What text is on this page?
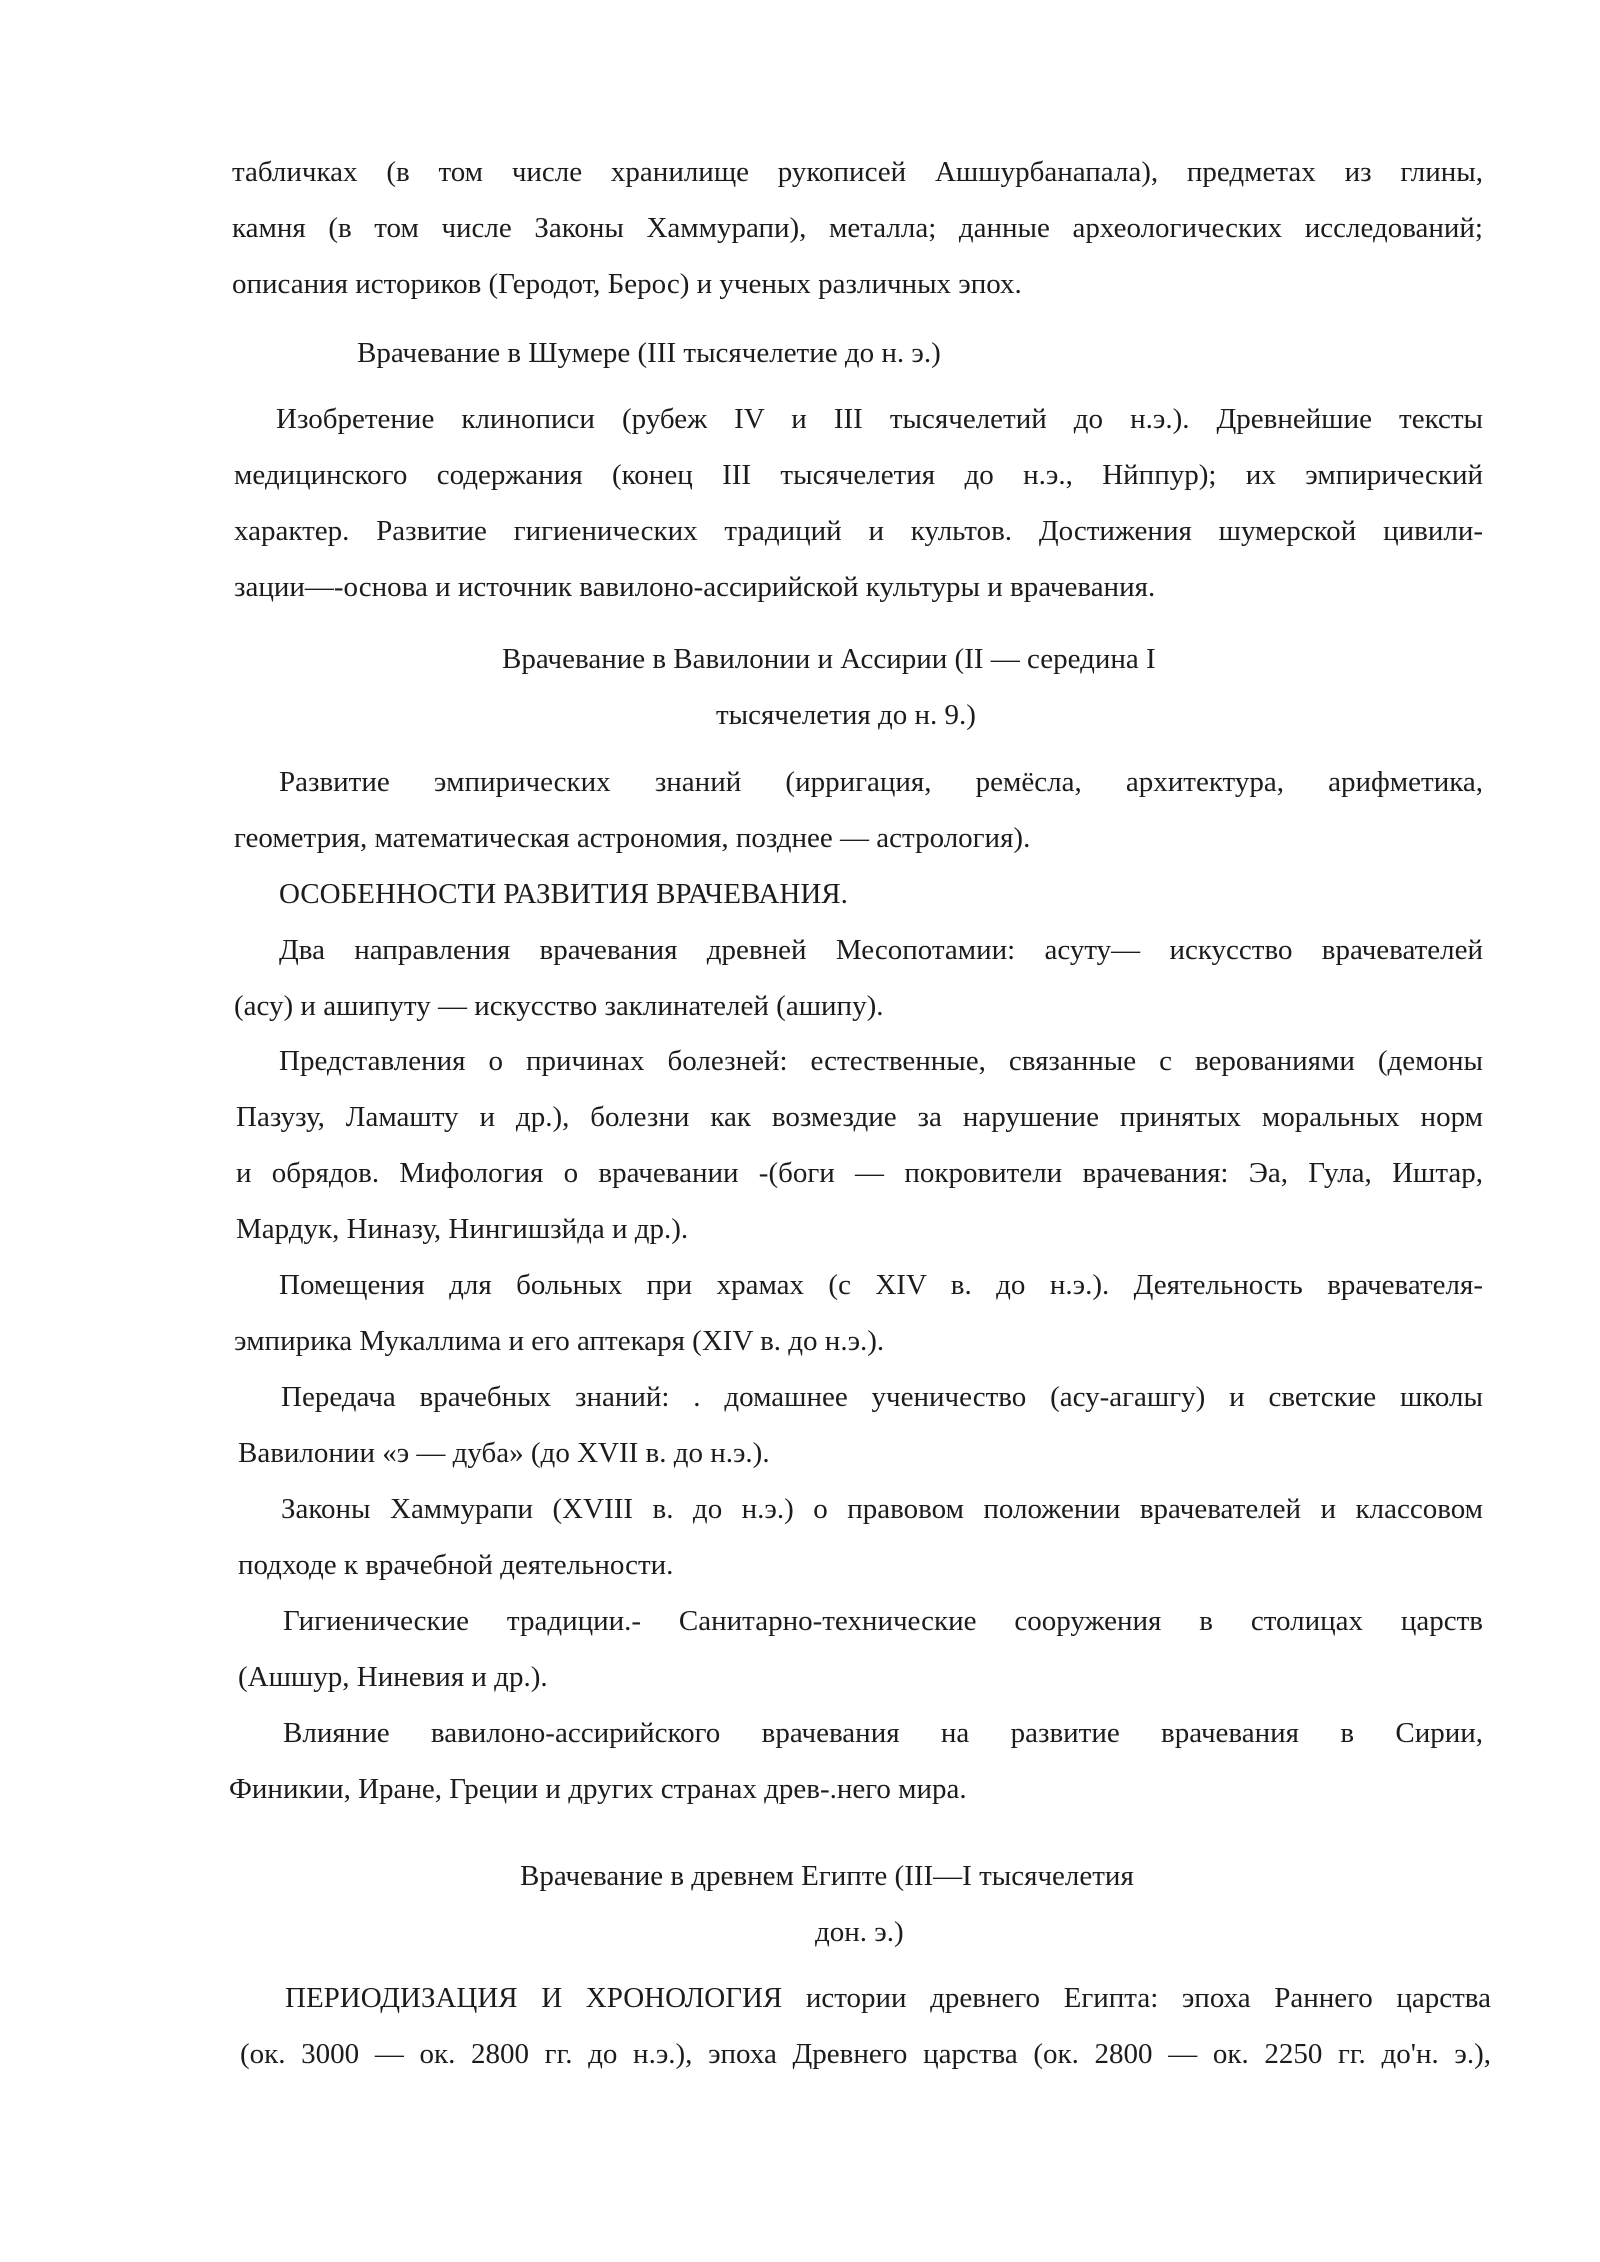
табличках (в том числе хранилище рукописей Ашшурбанапала), предметах из глины,
камня (в том числе Законы Хаммурапи), металла; данные археологических исследований;
описания историков (Геродот, Берос) и ученых различных эпох.
Врачевание в Шумере (III тысячелетие до н. э.)
Изобретение клинописи (рубеж IV и III тысячелетий до н.э.). Древнейшие тексты
медицинского содержания (конец III тысячелетия до н.э., Нйппур); их эмпирический
характер. Развитие гигиенических традиций и культов. Достижения шумерской цивили-
зации—-основа и источник вавилоно-ассирийской культуры и врачевания.
Врачевание в Вавилонии и Ассирии (II — середина I
тысячелетия до н. 9.)
Развитие эмпирических знаний (ирригация, ремёсла, архитектура, арифметика,
геометрия, математическая астрономия, позднее — астрология).
ОСОБЕННОСТИ РАЗВИТИЯ ВРАЧЕВАНИЯ.
Два направления врачевания древней Месопотамии: асуту— искусство врачевателей
(асу) и ашипуту — искусство заклинателей (ашипу).
Представления о причинах болезней: естественные, связанные с верованиями (демоны
Пазузу, Ламашту и др.), болезни как возмездие за нарушение принятых моральных норм
и обрядов. Мифология о врачевании -(боги — покровители врачевания: Эа, Гула, Иштар,
Мардук, Ниназу, Нингишзйда и др.).
Помещения для больных при храмах (с XIV в. до н.э.). Деятельность врачевателя-
эмпирика Мукаллима и его аптекаря (XIV в. до н.э.).
Передача врачебных знаний: . домашнее ученичество (асу-агашгу) и светские школы
Вавилонии «э — дуба» (до XVII в. до н.э.).
Законы Хаммурапи (XVIII в. до н.э.) о правовом положении врачевателей и классовом
подходе к врачебной деятельности.
Гигиенические традиции.- Санитарно-технические сооружения в столицах царств
(Ашшур, Ниневия и др.).
Влияние вавилоно-ассирийского врачевания на развитие врачевания в Сирии,
Финикии, Иране, Греции и других странах древ-.него мира.
Врачевание в древнем Египте (III—I тысячелетия
дон. э.)
ПЕРИОДИЗАЦИЯ И ХРОНОЛОГИЯ истории древнего Египта: эпоха Раннего царства
(ок. 3000 — ок. 2800 гг. до н.э.), эпоха Древнего царства (ок. 2800 — ок. 2250 гг. до'н. э.),
